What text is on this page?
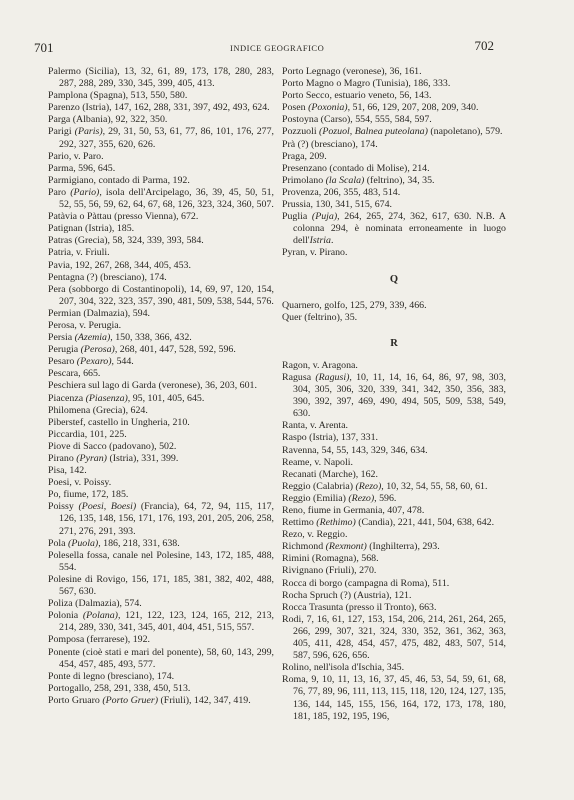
701	INDICE GEOGRAFICO	702

Palermo (Sicilia), 13, 32, 61, 89, 173, 178, 280, 283, 287, 288, 289, 330, 345, 399, 405, 413.

Pamplona (Spagna), 513, 550, 580.

Parenzo (Istria), 147, 162, 288, 331, 397, 492, 493, 624.

Parga (Albania), 92, 322, 350.

Parigi (Paris), 29, 31, 50, 53, 61, 77, 86, 101, 176, 277, 292, 327, 355, 620, 626.

Pario, v. Paro.

Parma, 596, 645.

Parmigiano, contado di Parma, 192.

Paro (Pario), isola dell'Arcipelago, 36, 39, 45, 50, 51, 52, 55, 56, 59, 62, 64, 67, 68, 126, 323, 324, 360, 507.

Patàvia o Pàttau (presso Vienna), 672.

Patignan (Istria), 185.

Patras (Grecia), 58, 324, 339, 393, 584.

Patria, v. Friuli.

Pavia, 192, 267, 268, 344, 405, 453.

Pentagna (?) (bresciano), 174.

Pera (sobborgo di Costantinopoli), 14, 69, 97, 120, 154, 207, 304, 322, 323, 357, 390, 481, 509, 538, 544, 576.

Permian (Dalmazia), 594.

Perosa, v. Perugia.

Persia (Azemia), 150, 338, 366, 432.

Perugia (Perosa), 268, 401, 447, 528, 592, 596.

Pesaro (Pexaro), 544.

Pescara, 665.

Peschiera sul lago di Garda (veronese), 36, 203, 601.

Piacenza (Piasenza), 95, 101, 405, 645.

Philomena (Grecia), 624.

Piberstef, castello in Ungheria, 210.

Piccardia, 101, 225.

Piove di Sacco (padovano), 502.

Pirano (Pyran) (Istria), 331, 399.

Pisa, 142.

Poesi, v. Poissy.

Po, fiume, 172, 185.

Poissy (Poesi, Boesi) (Francia), 64, 72, 94, 115, 117, 126, 135, 148, 156, 171, 176, 193, 201, 205, 206, 258, 271, 276, 291, 393.

Pola (Puola), 186, 218, 331, 638.

Polesella fossa, canale nel Polesine, 143, 172, 185, 488, 554.

Polesine di Rovigo, 156, 171, 185, 381, 382, 402, 488, 567, 630.

Poliza (Dalmazia), 574.

Polonia (Polana), 121, 122, 123, 124, 165, 212, 213, 214, 289, 330, 341, 345, 401, 404, 451, 515, 557.

Pomposa (ferrarese), 192.

Ponente (cioè stati e mari del ponente), 58, 60, 143, 299, 454, 457, 485, 493, 577.

Ponte di legno (bresciano), 174.

Portogallo, 258, 291, 338, 450, 513.

Porto Gruaro (Porto Gruer) (Friuli), 142, 347, 419.

Porto Legnago (veronese), 36, 161.

Porto Magno o Magro (Tunisia), 186, 333.

Porto Secco, estuario veneto, 56, 143.

Posen (Poxonia), 51, 66, 129, 207, 208, 209, 340.

Postoyna (Carso), 554, 555, 584, 597.

Pozzuoli (Pozuol, Balnea puteolana) (napoletano), 579.

Prà (?) (bresciano), 174.

Praga, 209.

Presenzano (contado di Molise), 214.

Primolano (la Scala) (feltrino), 34, 35.

Provenza, 206, 355, 483, 514.

Prussia, 130, 341, 515, 674.

Puglia (Puja), 264, 265, 274, 362, 617, 630. N.B. A colonna 294, è nominata erroneamente in luogo dell'Istria.

Pyran, v. Pirano.

Q

Quarnero, golfo, 125, 279, 339, 466.

Quer (feltrino), 35.

R

Ragon, v. Aragona.

Ragusa (Ragusi), 10, 11, 14, 16, 64, 86, 97, 98, 303, 304, 305, 306, 320, 339, 341, 342, 350, 356, 383, 390, 392, 397, 469, 490, 494, 505, 509, 538, 549, 630.

Ranta, v. Arenta.

Raspo (Istria), 137, 331.

Ravenna, 54, 55, 143, 329, 346, 634.

Reame, v. Napoli.

Recanati (Marche), 162.

Reggio (Calabria) (Rezo), 10, 32, 54, 55, 58, 60, 61.

Reggio (Emilia) (Rezo), 596.

Reno, fiume in Germania, 407, 478.

Rettimo (Rethimo) (Candia), 221, 441, 504, 638, 642.

Rezo, v. Reggio.

Richmond (Rexmont) (Inghilterra), 293.

Rimini (Romagna), 568.

Rivignano (Friuli), 270.

Rocca di borgo (campagna di Roma), 511.

Rocha Spruch (?) (Austria), 121.

Rocca Trasunta (presso il Tronto), 663.

Rodi, 7, 16, 61, 127, 153, 154, 206, 214, 261, 264, 265, 266, 299, 307, 321, 324, 330, 352, 361, 362, 363, 405, 411, 428, 454, 457, 475, 482, 483, 507, 514, 587, 596, 626, 656.

Rolino, nell'isola d'Ischia, 345.

Roma, 9, 10, 11, 13, 16, 37, 45, 46, 53, 54, 59, 61, 68, 76, 77, 89, 96, 111, 113, 115, 118, 120, 124, 127, 135, 136, 144, 145, 155, 156, 164, 172, 173, 178, 180, 181, 185, 192, 195, 196,
